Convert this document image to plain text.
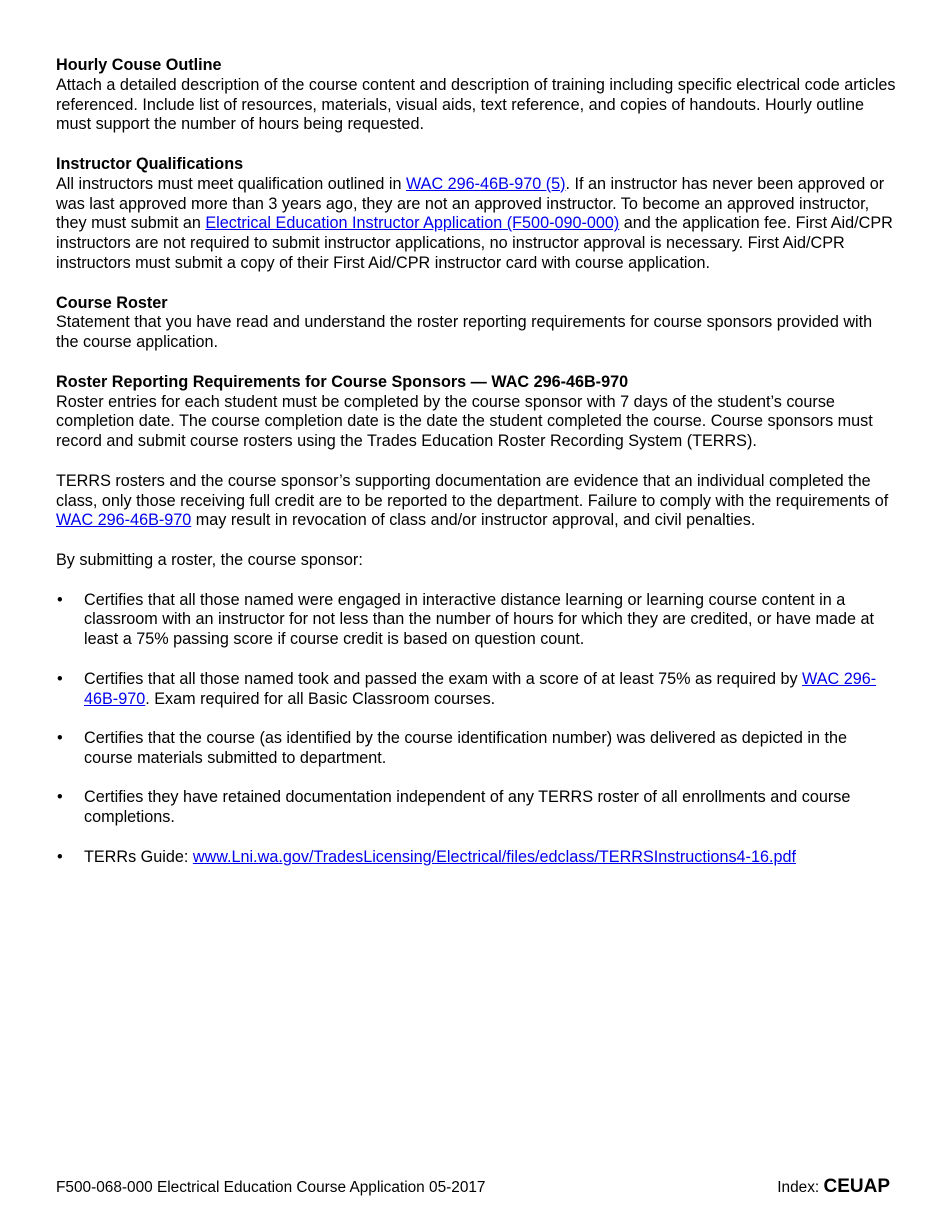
Hourly Couse Outline

Attach a detailed description of the course content and description of training including specific electrical code articles referenced. Include list of resources, materials, visual aids, text reference, and copies of handouts. Hourly outline must support the number of hours being requested.

Instructor Qualifications

All instructors must meet qualification outlined in WAC 296-46B-970 (5). If an instructor has never been approved or was last approved more than 3 years ago, they are not an approved instructor. To become an approved instructor, they must submit an Electrical Education Instructor Application (F500-090-000) and the application fee. First Aid/CPR instructors are not required to submit instructor applications, no instructor approval is necessary. First Aid/CPR instructors must submit a copy of their First Aid/CPR instructor card with course application.

Course Roster

Statement that you have read and understand the roster reporting requirements for course sponsors provided with the course application.

Roster Reporting Requirements for Course Sponsors — WAC 296-46B-970

Roster entries for each student must be completed by the course sponsor with 7 days of the student’s course completion date. The course completion date is the date the student completed the course. Course sponsors must record and submit course rosters using the Trades Education Roster Recording System (TERRS).

TERRS rosters and the course sponsor’s supporting documentation are evidence that an individual completed the class, only those receiving full credit are to be reported to the department. Failure to comply with the requirements of WAC 296-46B-970 may result in revocation of class and/or instructor approval, and civil penalties.

By submitting a roster, the course sponsor:

• Certifies that all those named were engaged in interactive distance learning or learning course content in a classroom with an instructor for not less than the number of hours for which they are credited, or have made at least a 75% passing score if course credit is based on question count.
• Certifies that all those named took and passed the exam with a score of at least 75% as required by WAC 296-46B-970. Exam required for all Basic Classroom courses.
• Certifies that the course (as identified by the course identification number) was delivered as depicted in the course materials submitted to department.
• Certifies they have retained documentation independent of any TERRS roster of all enrollments and course completions.
• TERRs Guide: www.Lni.wa.gov/TradesLicensing/Electrical/files/edclass/TERRSInstructions4-16.pdf
F500-068-000 Electrical Education Course Application 05-2017	Index: CEUAP
